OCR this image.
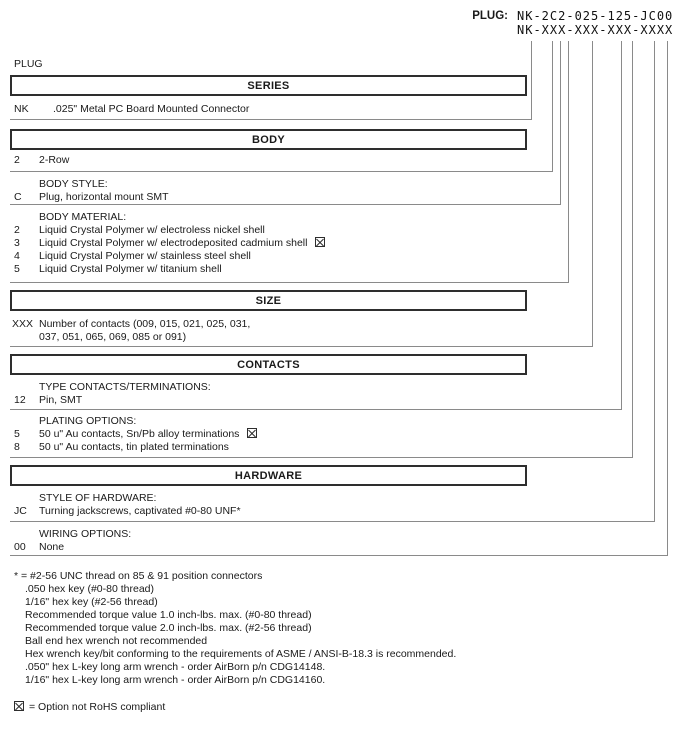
PLUG: NK-2C2-025-125-JC00
NK-XXX-XXX-XXX-XXXX
PLUG
SERIES
NK .025" Metal PC Board Mounted Connector
BODY
2 2-Row
BODY STYLE:
C Plug, horizontal mount SMT
BODY MATERIAL:
2 Liquid Crystal Polymer w/ electroless nickel shell
3 Liquid Crystal Polymer w/ electrodeposited cadmium shell
4 Liquid Crystal Polymer w/ stainless steel shell
5 Liquid Crystal Polymer w/ titanium shell
SIZE
XXX Number of contacts (009, 015, 021, 025, 031,
037, 051, 065, 069, 085 or 091)
CONTACTS
TYPE CONTACTS/TERMINATIONS:
12 Pin, SMT
PLATING OPTIONS:
5 50 u" Au contacts, Sn/Pb alloy terminations
8 50 u" Au contacts, tin plated terminations
HARDWARE
STYLE OF HARDWARE:
JC Turning jackscrews, captivated #0-80 UNF*
WIRING OPTIONS:
00 None
* = #2-56 UNC thread on 85 & 91 position connectors
.050 hex key (#0-80 thread)
1/16" hex key (#2-56 thread)
Recommended torque value 1.0 inch-lbs. max. (#0-80 thread)
Recommended torque value 2.0 inch-lbs. max. (#2-56 thread)
Ball end hex wrench not recommended
Hex wrench key/bit conforming to the requirements of ASME / ANSI-B-18.3 is recommended.
.050" hex L-key long arm wrench - order AirBorn p/n CDG14148.
1/16" hex L-key long arm wrench - order AirBorn p/n CDG14160.
= Option not RoHS compliant
